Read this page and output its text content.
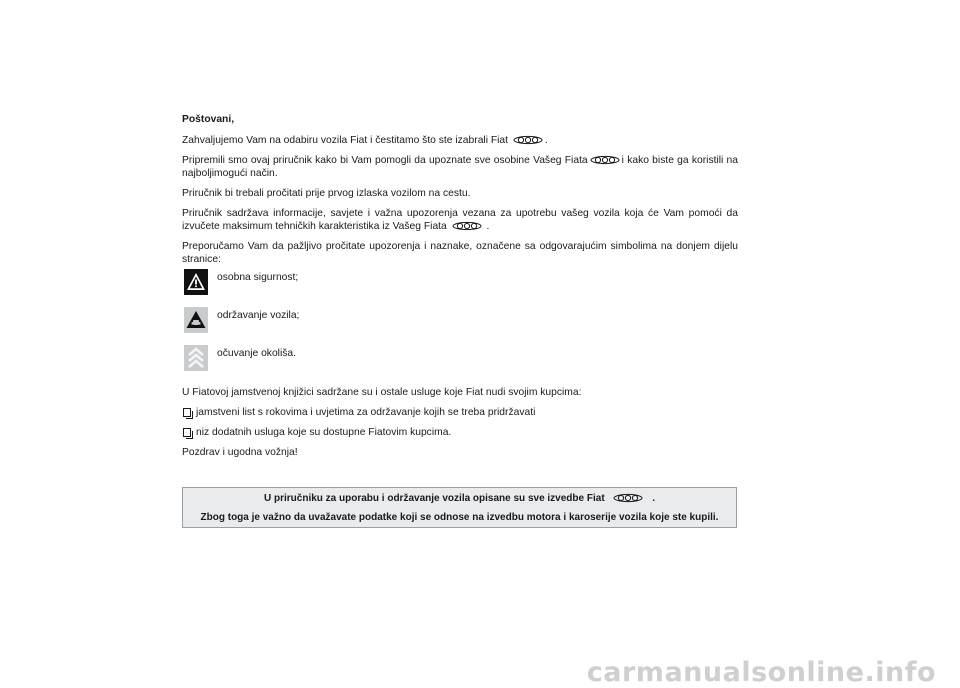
Poštovani,

Zahvaljujemo Vam na odabiru vozila Fiat i čestitamo što ste izabrali Fiat	.

Pripremili smo ovaj priručnik kako bi Vam pomogli da upoznate sve osobine Vašeg Fiata	i kako biste ga koristili na najboljimogući način.

Priručnik bi trebali pročitati prije prvog izlaska vozilom na cestu.

Priručnik sadržava informacije, savjete i važna upozorenja vezana za upotrebu vašeg vozila koja će Vam pomoći da izvučete maksimum tehničkih karakteristika iz Vašeg Fiata	.

Preporučamo Vam da pažljivo pročitate upozorenja i naznake, označene sa odgovarajućim simbolima na donjem dijelu stranice:

osobna sigurnost;
održavanje vozila;
očuvanje okoliša.

U Fiatovoj jamstvenoj knjižici sadržane su i ostale usluge koje Fiat nudi svojim kupcima:

jamstveni list s rokovima i uvjetima za održavanje kojih se treba pridržavati
niz dodatnih usluga koje su dostupne Fiatovim kupcima.

Pozdrav i ugodna vožnja!

U priručniku za uporabu i održavanje vozila opisane su sve izvedbe Fiat	.
Zbog toga je važno da uvažavate podatke koji se odnose na izvedbu motora i karoserije vozila koje ste kupili.
carmanualsonline.info
